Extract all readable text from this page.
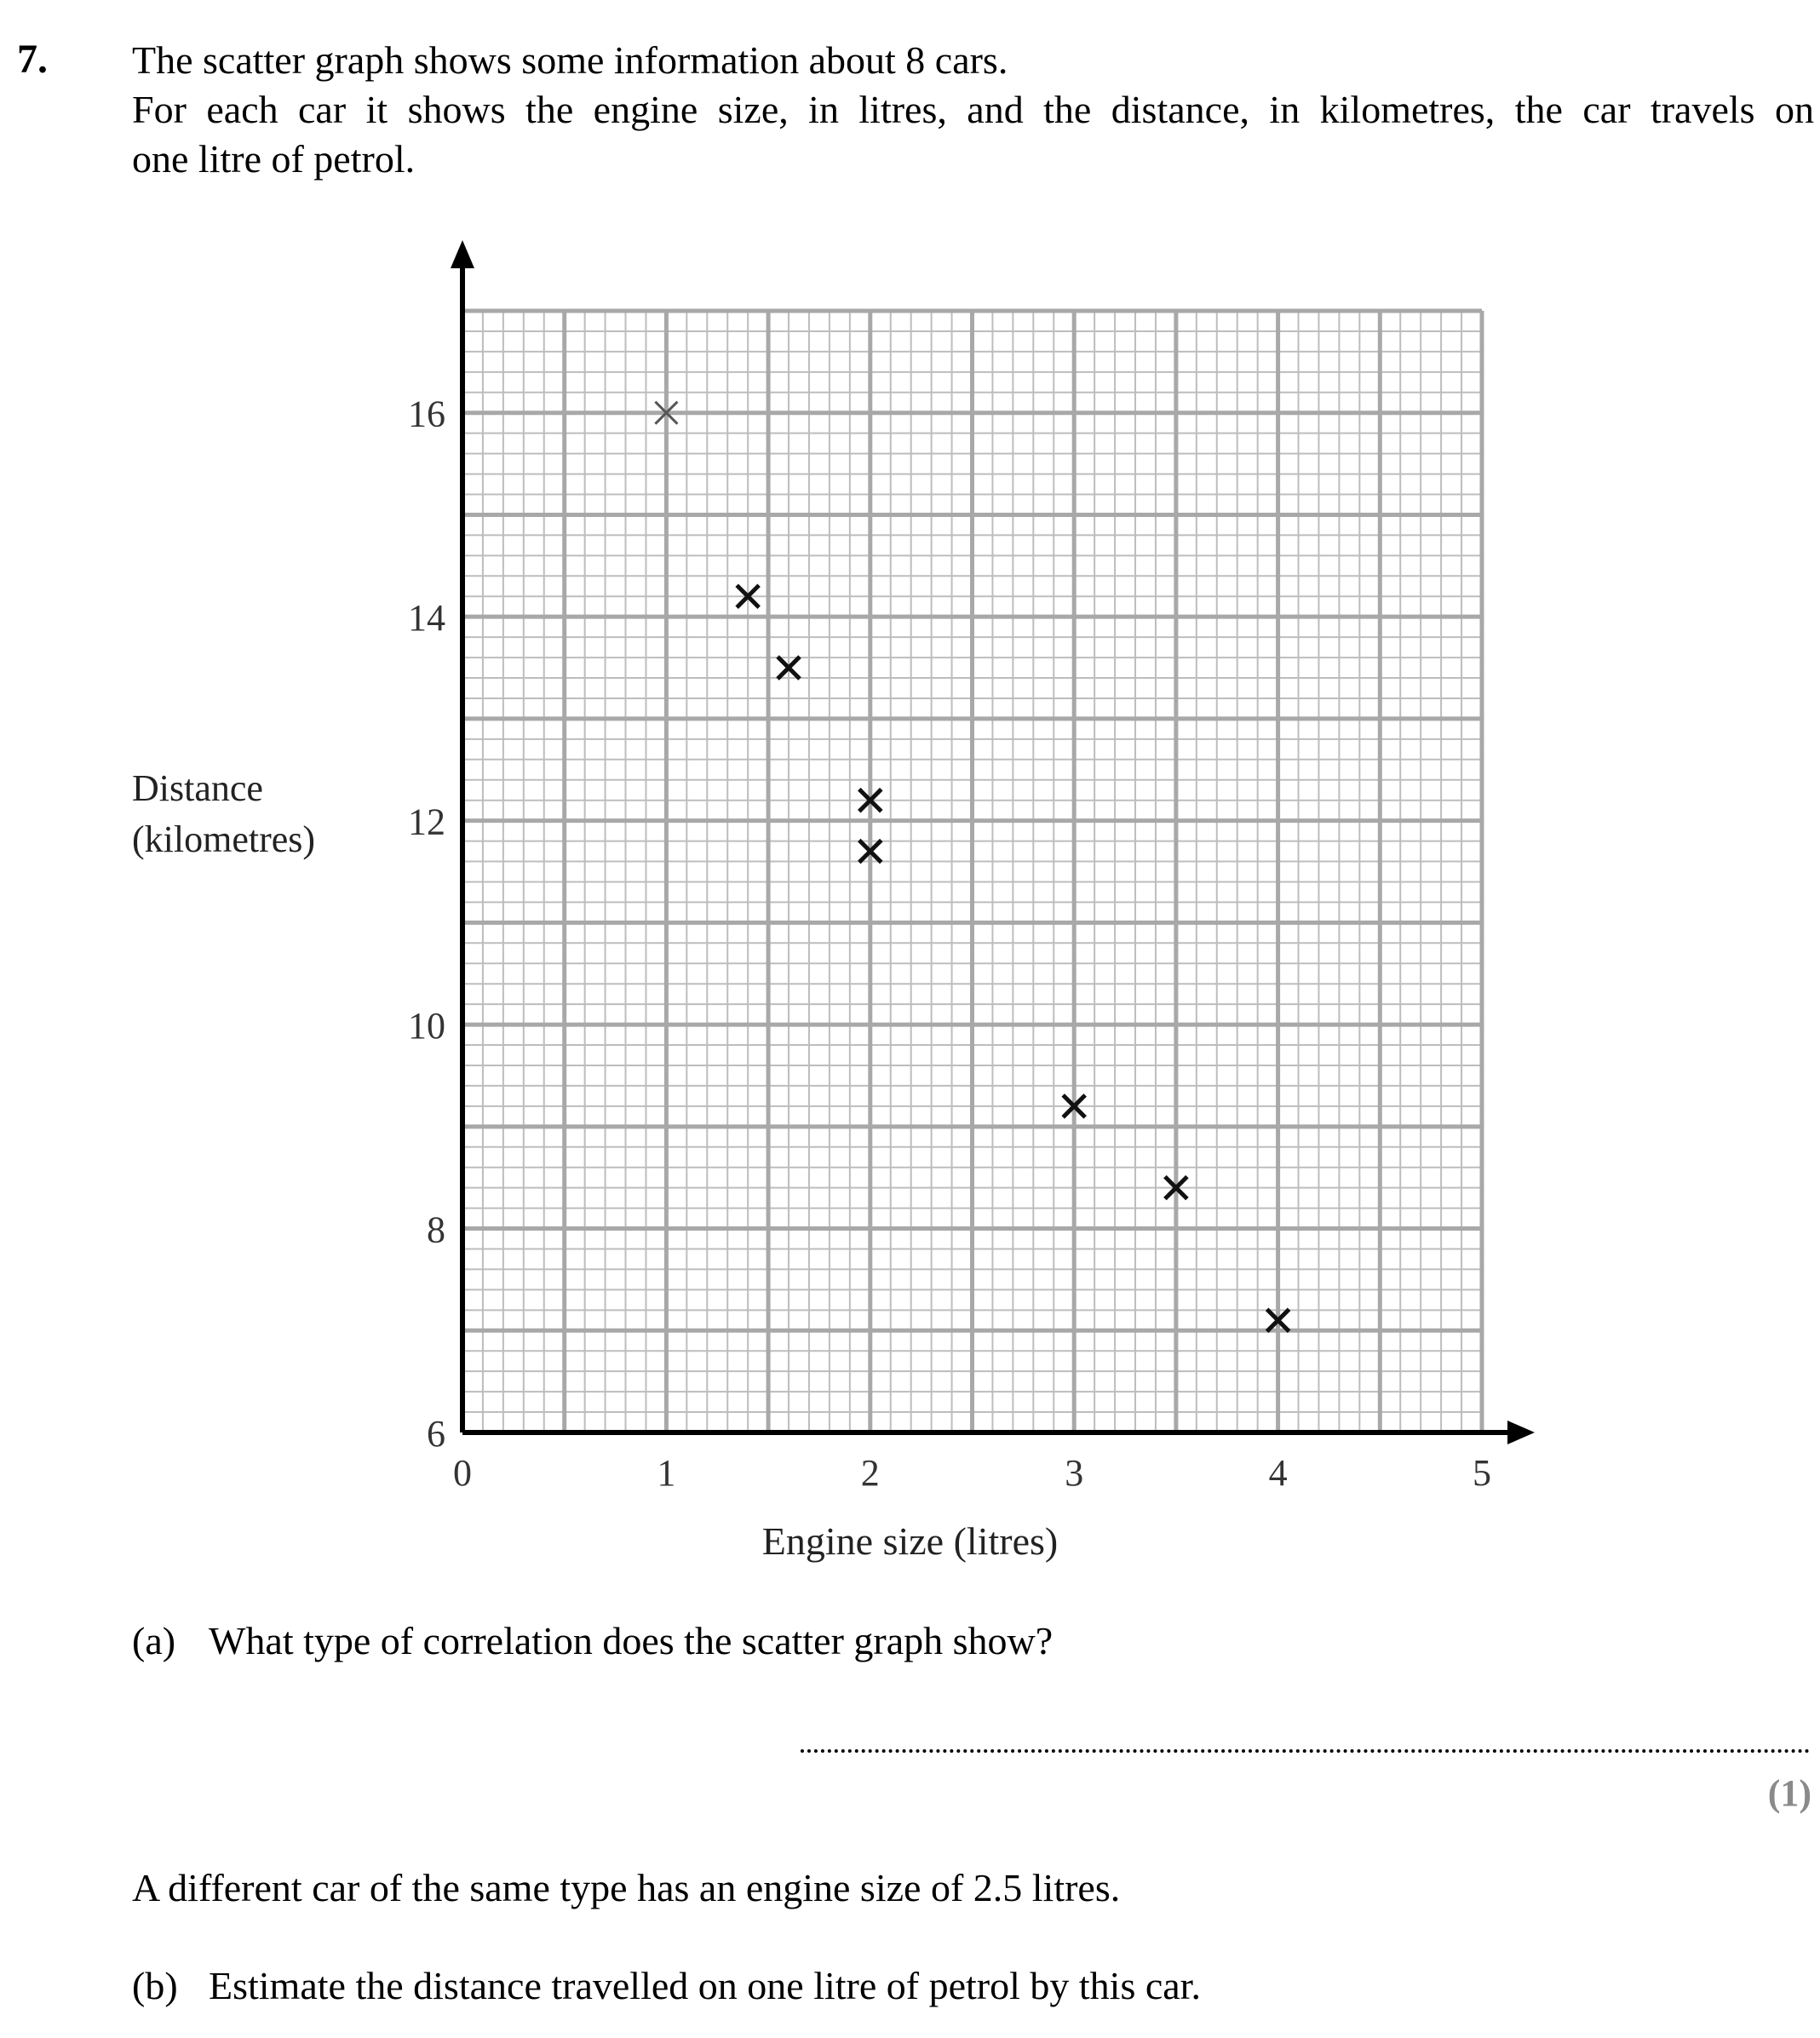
7. The scatter graph shows some information about 8 cars.
For each car it shows the engine size, in litres, and the distance, in kilometres, the car travels on
one litre of petrol.
Distance
(kilometres)
0	1	2	3	4	5
6
8
10
12
14
16
Engine size (litres)
(a) What type of correlation does the scatter graph show?
(1)
A different car of the same type has an engine size of 2.5 litres.
(b) Estimate the distance travelled on one litre of petrol by this car.
